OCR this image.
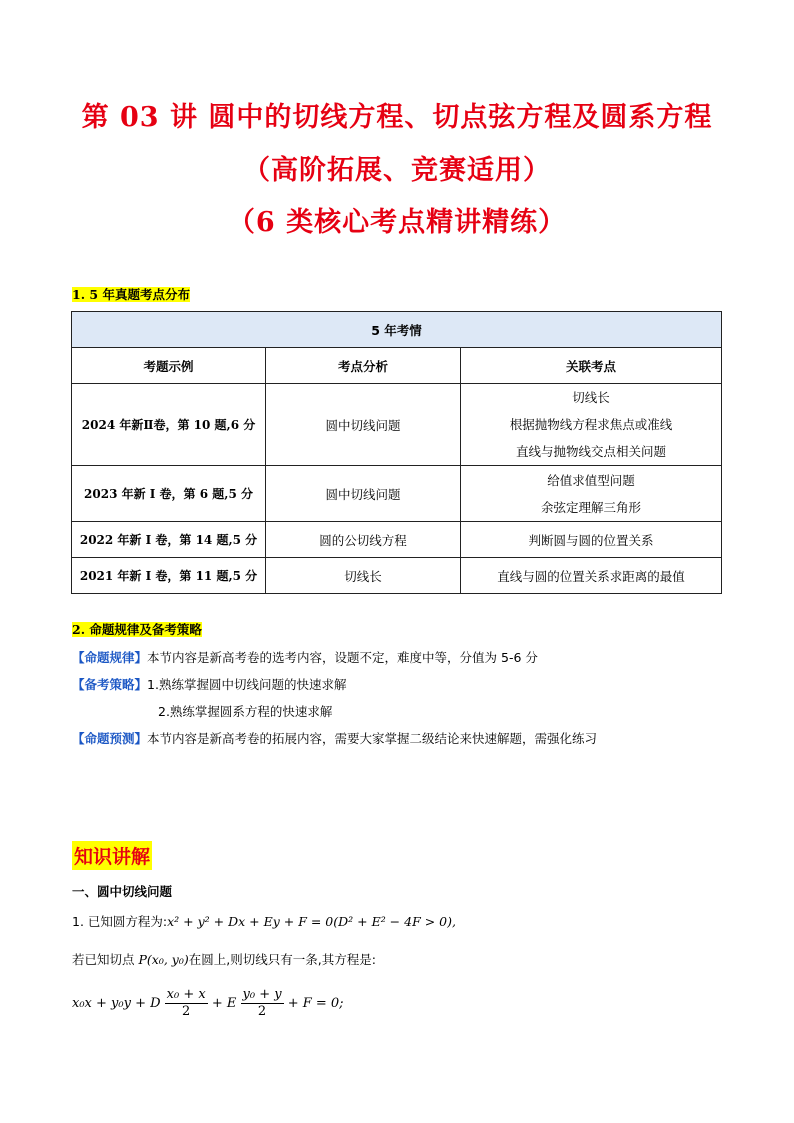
第 03 讲 圆中的切线方程、切点弦方程及圆系方程
（高阶拓展、竞赛适用）
（6 类核心考点精讲精练）
1. 5 年真题考点分布
5 年考情		
考题示例	考点分析	关联考点
2024 年新Ⅱ卷，第 10 题,6 分	圆中切线问题	切线长
根据抛物线方程求焦点或准线
直线与抛物线交点相关问题

2023 年新 I 卷，第 6 题,5 分	圆中切线问题	给值求值型问题
余弦定理解三角形

2022 年新 I 卷，第 14 题,5 分	圆的公切线方程	判断圆与圆的位置关系

2021 年新 I 卷，第 11 题,5 分	切线长	直线与圆的位置关系求距离的最值
2. 命题规律及备考策略
【命题规律】本节内容是新高考卷的选考内容，设题不定，难度中等，分值为 5-6 分
【备考策略】1.熟练掌握圆中切线问题的快速求解
2.熟练掌握圆系方程的快速求解
【命题预测】本节内容是新高考卷的拓展内容，需要大家掌握二级结论来快速解题，需强化练习
知识讲解
一、圆中切线问题
1. 已知圆方程为:x² + y² + Dx + Ey + F = 0(D² + E² − 4F > 0),
若已知切点 P(x₀, y₀)在圆上,则切线只有一条,其方程是:
x₀x + y₀y + D $\frac{\text{x₀ + x}}{2} + E \frac{\text{y₀ + y}}{2} + F = 0$;
